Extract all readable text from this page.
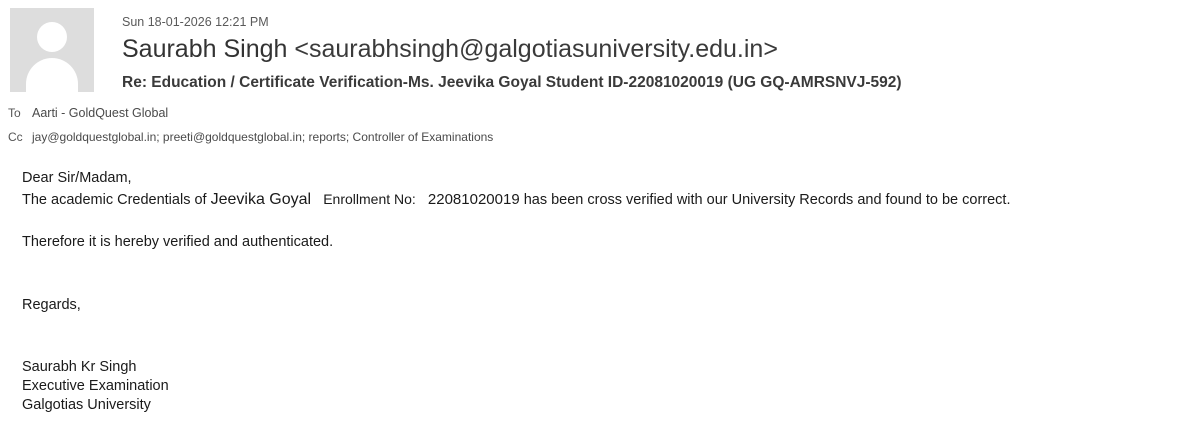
Sun 18-01-2026 12:21 PM
Saurabh Singh <saurabhsingh@galgotiasuniversity.edu.in>
Re: Education / Certificate Verification-Ms. Jeevika Goyal Student ID-22081020019 (UG GQ-AMRSNVJ-592)
To Aarti - GoldQuest Global
Cc jay@goldquestglobal.in; preeti@goldquestglobal.in; reports; Controller of Examinations

Dear Sir/Madam,

The academic Credentials of Jeevika Goyal Enrollment No: 22081020019 has been cross verified with our University Records and found to be correct.

Therefore it is hereby verified and authenticated.

Regards,

Saurabh Kr Singh

Executive Examination

Galgotias University
